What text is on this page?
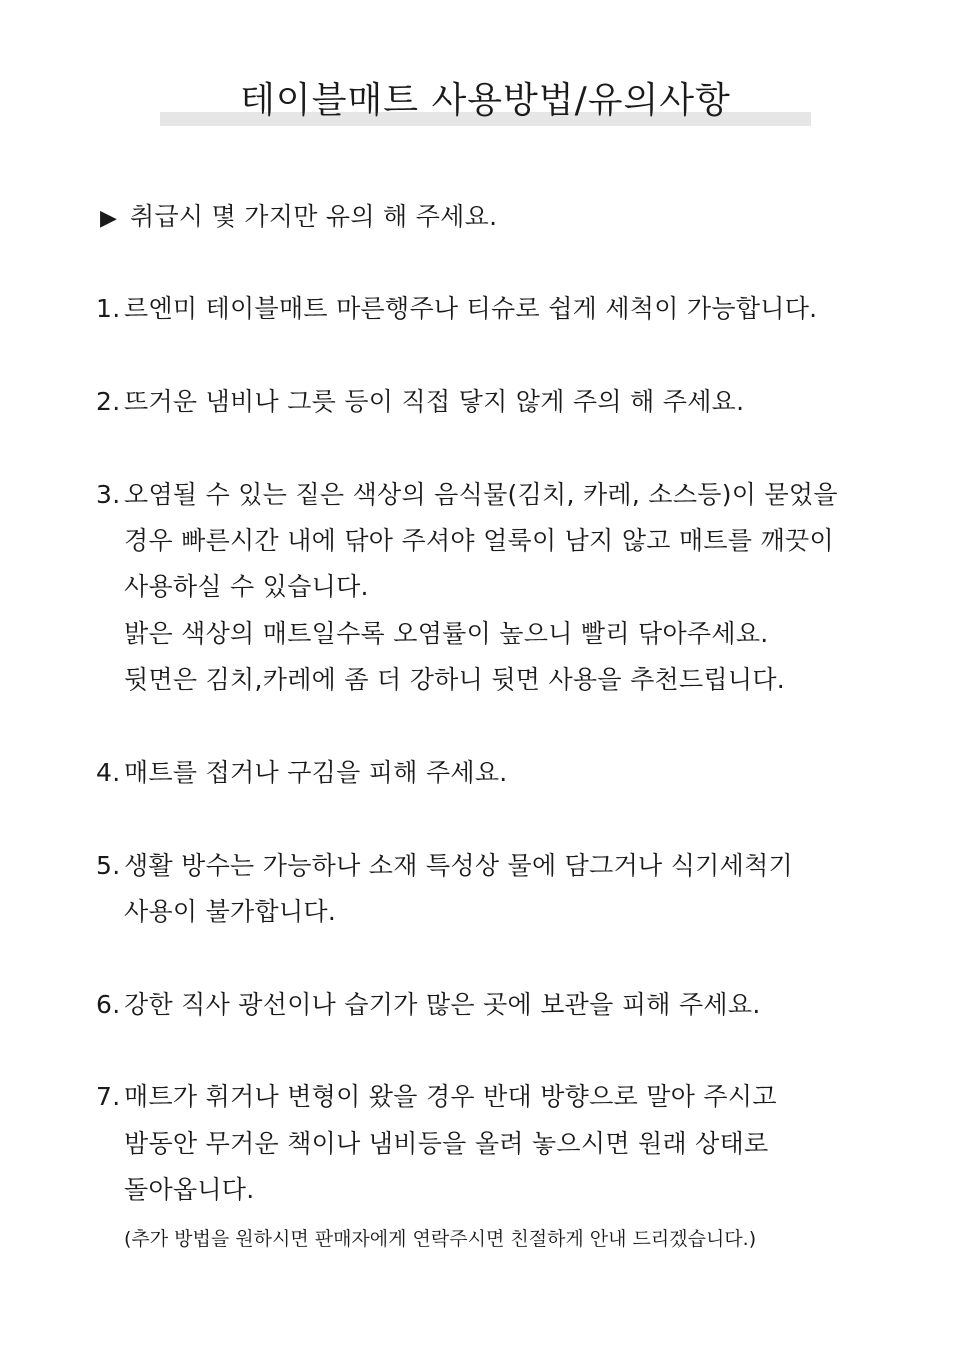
테이블매트 사용방법/유의사항
▶ 취급시 몇 가지만 유의 해 주세요.
1. 르엔미 테이블매트 마른행주나 티슈로 쉽게 세척이 가능합니다.
2. 뜨거운 냄비나 그릇 등이 직접 닿지 않게 주의 해 주세요.
3. 오염될 수 있는 짙은 색상의 음식물(김치, 카레, 소스등)이 묻었을
경우 빠른시간 내에 닦아 주셔야 얼룩이 남지 않고 매트를 깨끗이
사용하실 수 있습니다.
밝은 색상의 매트일수록 오염률이 높으니 빨리 닦아주세요.
뒷면은 김치,카레에 좀 더 강하니 뒷면 사용을 추천드립니다.
4. 매트를 접거나 구김을 피해 주세요.
5. 생활 방수는 가능하나 소재 특성상 물에 담그거나 식기세척기
사용이 불가합니다.
6. 강한 직사 광선이나 습기가 많은 곳에 보관을 피해 주세요.
7. 매트가 휘거나 변형이 왔을 경우 반대 방향으로 말아 주시고
밤동안 무거운 책이나 냄비등을 올려 놓으시면 원래 상태로
돌아옵니다.
(추가 방법을 원하시면 판매자에게 연락주시면 친절하게 안내 드리겠습니다.)
